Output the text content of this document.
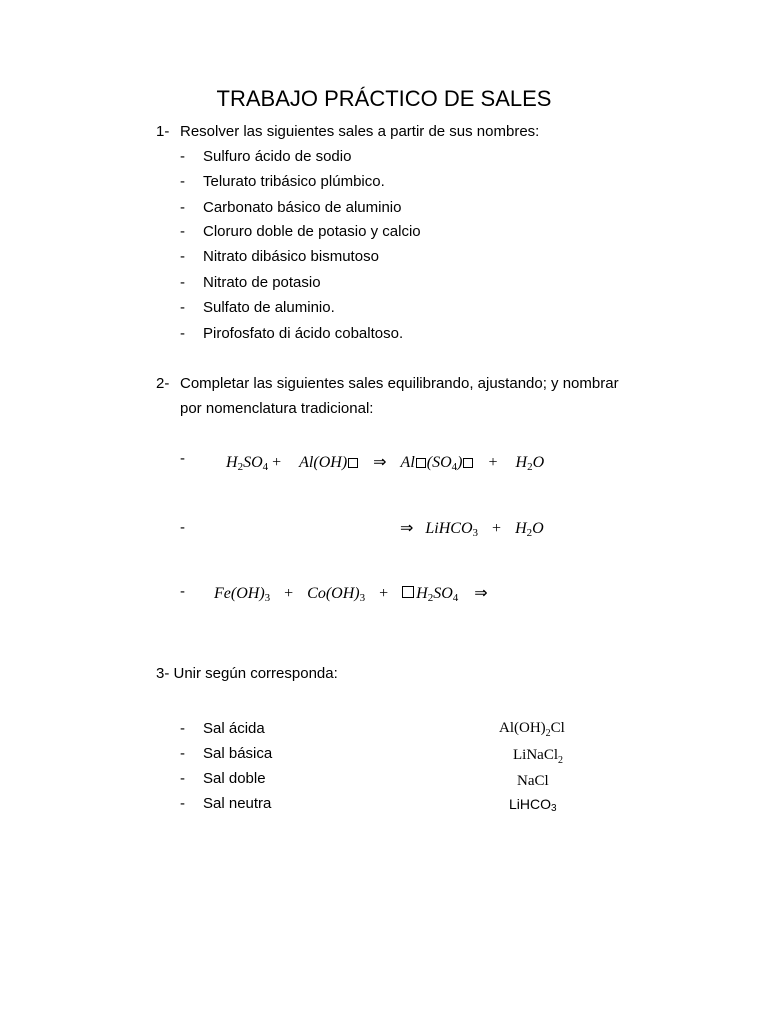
TRABAJO PRÁCTICO DE SALES
1- Resolver las siguientes sales a partir de sus nombres:
- Sulfuro ácido de sodio
- Telurato tribásico plúmbico.
- Carbonato básico de aluminio
- Cloruro doble de potasio y calcio
- Nitrato dibásico bismutoso
- Nitrato de potasio
- Sulfato de aluminio.
- Pirofosfato di ácido cobaltoso.
2- Completar las siguientes sales equilibrando, ajustando; y nombrar
por nomenclatura tradicional:
-	$H_2SO_4 + Al(OH)$ ⇒ Al $(SO_4) + H_2O$
-	⇒ LiHCO$_3$ + $H_2O$
- $Fe(OH)_3 + Co(OH)_3 + H_2SO_4$ ⇒
3- Unir según corresponda:
- Sal ácida
- Sal básica
- Sal doble
- Sal neutra
$Al(OH)_2Cl$
LiNaCl$_2$
NaCl
LiHCO$_3$
